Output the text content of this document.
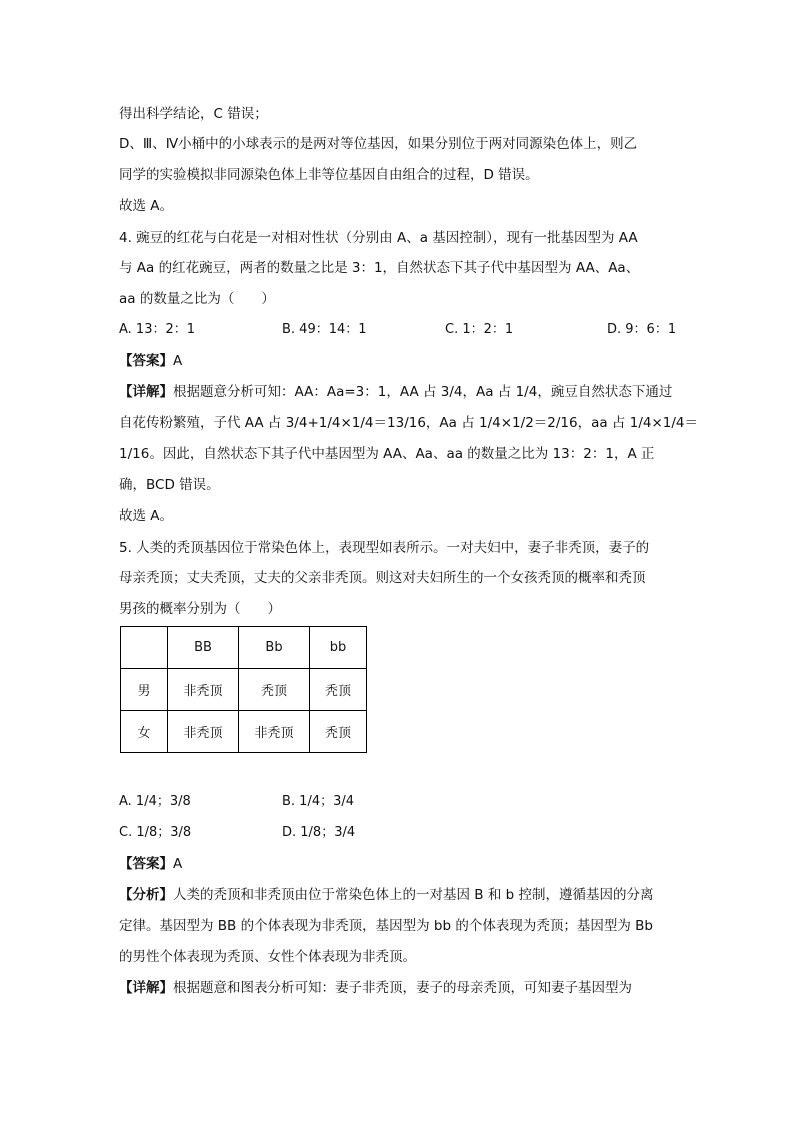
得出科学结论，C 错误；
D、Ⅲ、Ⅳ小桶中的小球表示的是两对等位基因，如果分别位于两对同源染色体上，则乙
同学的实验模拟非同源染色体上非等位基因自由组合的过程，D 错误。
故选 A。
4. 豌豆的红花与白花是一对相对性状（分别由 A、a 基因控制），现有一批基因型为 AA
与 Aa 的红花豌豆，两者的数量之比是 3：1，自然状态下其子代中基因型为 AA、Aa、
aa 的数量之比为（　　）
A. 13：2：1	B. 49：14：1	C. 1：2：1	D. 9：6：1
【答案】A
【详解】根据题意分析可知：AA：Aa=3：1，AA 占 3/4，Aa 占 1/4，豌豆自然状态下通过
自花传粉繁殖，子代 AA 占 3/4+1/4×1/4＝13/16，Aa 占 1/4×1/2＝2/16，aa 占 1/4×1/4＝
1/16。因此，自然状态下其子代中基因型为 AA、Aa、aa 的数量之比为 13：2：1，A 正
确，BCD 错误。
故选 A。
5. 人类的秃顶基因位于常染色体上，表现型如表所示。一对夫妇中，妻子非秃顶，妻子的
母亲秃顶；丈夫秃顶，丈夫的父亲非秃顶。则这对夫妇所生的一个女孩秃顶的概率和秃顶
男孩的概率分别为（　　）
	BB	Bb	bb
男	非秃顶	秃顶	秃顶
女	非秃顶	非秃顶	秃顶
A. 1/4；3/8	B. 1/4；3/4
C. 1/8；3/8	D. 1/8；3/4
【答案】A
【分析】人类的秃顶和非秃顶由位于常染色体上的一对基因 B 和 b 控制，遵循基因的分离
定律。基因型为 BB 的个体表现为非秃顶，基因型为 bb 的个体表现为秃顶；基因型为 Bb
的男性个体表现为秃顶、女性个体表现为非秃顶。
【详解】根据题意和图表分析可知：妻子非秃顶，妻子的母亲秃顶，可知妻子基因型为
